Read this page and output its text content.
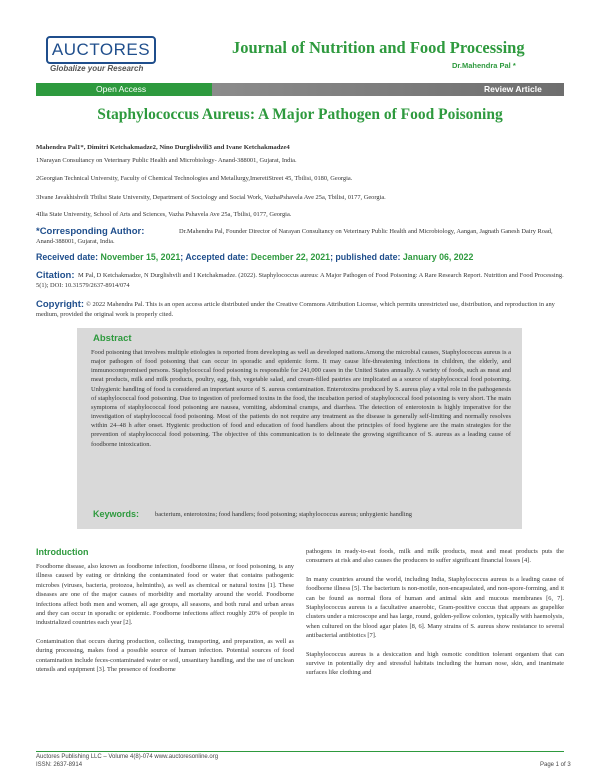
AUCTORES
Globalize your Research
Journal of Nutrition and Food Processing
Dr.Mahendra Pal *
Open Access	Review Article
Staphylococcus Aureus: A Major Pathogen of Food Poisoning
Mahendra Pal1*, Dimitri Ketchakmadze2, Nino Durglishvili3 and Ivane Ketchakmadze4
1Narayan Consultancy on Veterinary Public Health and Microbiology- Anand-388001, Gujarat, India.
2Georgian Technical University, Faculty of Chemical Technologies and Metallurgy,ImeretiStreet 45, Tbilisi, 0180, Georgia.
3Ivane Javakhishvili Tbilisi State University, Department of Sociology and Social Work, VazhaPshavela Ave 25a, Tbilisi, 0177, Georgia.
4Ilia State University, School of Arts and Sciences, Vazha Pshavela Ave 25a, Tbilisi, 0177, Georgia.
*Corresponding Author:	Dr.Mahendra Pal, Founder Director of Narayan Consultancy on Veterinary Public Health and Microbiology, Aangan, Jagnath Ganesh Dairy Road, Anand-388001, Gujarat, India.
Received date: November 15, 2021; Accepted date: December 22, 2021; published date: January 06, 2022
Citation: M Pal, D Ketchakmadze, N Durglishvili and I Ketchakmadze. (2022). Staphylococcus aureus: A Major Pathogen of Food Poisoning: A Rare Research Report. Nutrition and Food Processing. 5(1); DOI: 10.31579/2637-8914/074
Copyright: © 2022 Mahendra Pal. This is an open access article distributed under the Creative Commons Attribution License, which permits unrestricted use, distribution, and reproduction in any medium, provided the original work is properly cited.
Abstract
Food poisoning that involves multiple etiologies is reported from developing as well as developed nations.Among the microbial causes, Staphylococcus aureus is a major pathogen of food poisoning that can occur in sporadic and epidemic form. It may cause life-threatening infections in children, the elderly, and immunocompromised persons. Staphylococcal food poisoning is responsible for 241,000 cases in the United States annually. A variety of foods, such as meat and meat products, milk and milk products, poultry, egg, fish, vegetable salad, and cream-filled pastries are implicated as a source of staphylococcal food poisoning. Unhygienic handling of food is considered an important source of S. aureus contamination. Enterotoxins produced by S. aureus play a vital role in the pathogenesis of staphylococcal food poisoning. Due to ingestion of preformed toxins in the food, the incubation period of staphylococcal food poisoning is very short. The main symptoms of staphylococcal food poisoning are nausea, vomiting, abdominal cramps, and diarrhea. The detection of enterotoxin is highly imperative for the investigation of staphylococcal food poisoning. Most of the patients do not require any treatment as the disease is generally self-limiting and normally resolves within 24–48 h after onset. Hygienic production of food and education of food handlers about the principles of food hygiene are the main strategies for the prevention of staphylococcal food poisoning. The objective of this communication is to delineate the growing significance of S. aureus as a leading cause of foodborne intoxication.
Keywords: bacterium, enterotoxins; food handlers; food poisoning; staphylococcus aureus; unhygienic handling
Introduction

Foodborne disease, also known as foodborne infection, foodborne illness, or food poisoning, is any illness caused by eating or drinking the contaminated food or water that contains pathogenic microbes (viruses, bacteria, protozoa, helminths), as well as chemical or natural toxins [1]. These diseases are one of the major causes of morbidity and mortality around the world. Foodborne infections affect both men and women, all age groups, all seasons, and both rural and urban areas and they can occur in sporadic or epidemic. Foodborne infections affect roughly 20% of people in industrialized countries each year [2].

Contamination that occurs during production, collecting, transporting, and preparation, as well as during processing, makes food a possible source of human infection. Potential sources of food contamination include feces-contaminated water or soil, unsanitary handling, and the use of unclean utensils and equipment [3]. The presence of foodborne

pathogens in ready-to-eat foods, milk and milk products, meat and meat products puts the consumers at risk and also causes the producers to suffer significant financial losses [4].

In many countries around the world, including India, Staphylococcus aureus is a leading cause of foodborne illness [5]. The bacterium is non-motile, non-encapsulated, and non-spore-forming, and it can be found as normal flora of human and animal skin and mucous membranes [6, 7]. Staphylococcus aureus is a facultative anaerobic, Gram-positive coccus that appears as grapelike clusters under a microscope and has large, round, golden-yellow colonies, typically with haemolysis, when cultured on the blood agar plates [8, 6]. Many strains of S. aureus show resistance to several antibacterial antibiotics [7].

Staphylococcus aureus is a desiccation and high osmotic condition tolerant organism that can survive in potentially dry and stressful habitats including the human nose, skin, and inanimate surfaces like clothing and

Auctores Publishing LLC – Volume 4(8)-074 www.auctoresonline.org
ISSN: 2637-8914	Page 1 of 3
